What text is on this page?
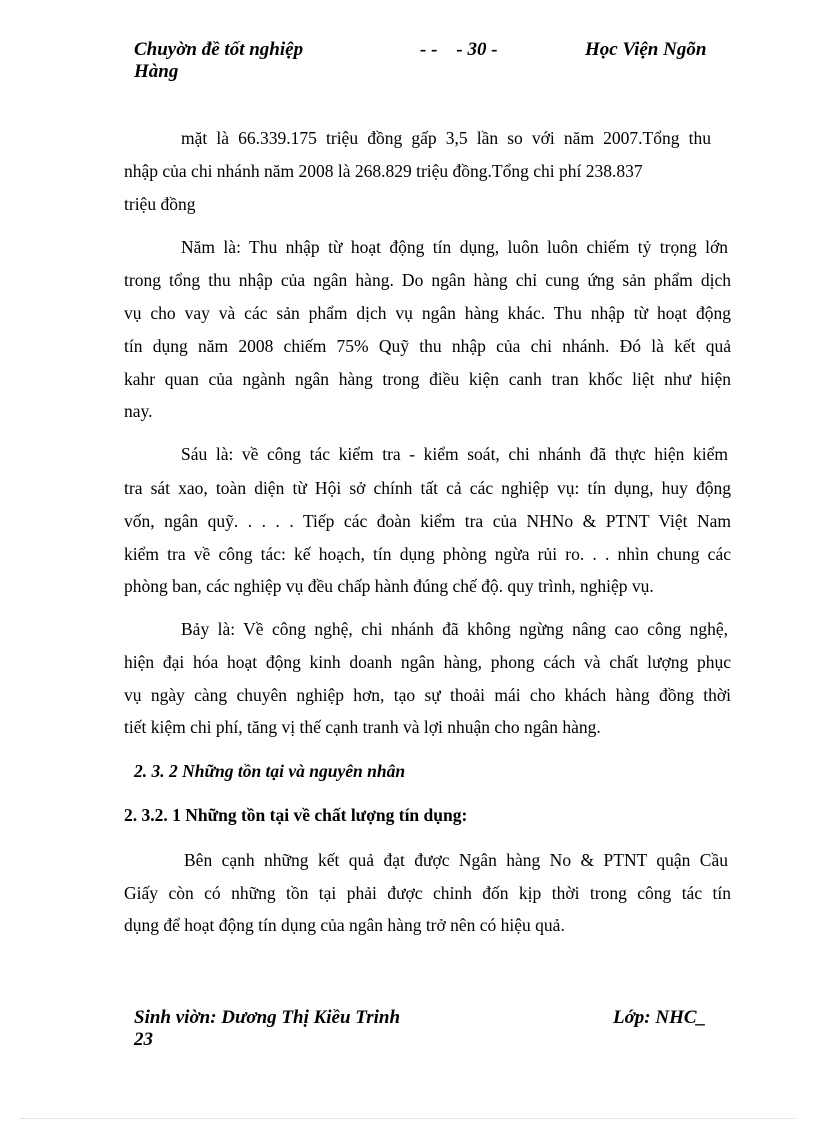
Chuyờn đề tốt nghiệp
Hàng
- -    - 30 -	Học Viện Ngõn
mặt là 66.339.175 triệu đồng gấp 3,5 lần so với năm 2007.Tổng thu
nhập của chi nhánh năm 2008 là 268.829 triệu đồng.Tổng chi phí 238.837
triệu đồng
Năm là: Thu nhập từ hoạt động tín dụng, luôn luôn chiếm tỷ trọng lớn
trong tổng thu nhập của ngân hàng. Do ngân hàng chỉ cung ứng sản phẩm dịch
vụ cho vay và các sản phẩm dịch vụ ngân hàng khác. Thu nhập từ hoạt động
tín dụng năm 2008 chiếm 75% Quỹ thu nhập của chi nhánh. Đó là kết quả
kahr quan của ngành ngân hàng trong điều kiện canh tran khốc liệt như hiện
nay.
Sáu là: về công tác kiểm tra - kiểm soát, chi nhánh đã thực hiện kiểm
tra sát xao, toàn diện từ Hội sở chính tất cả các nghiệp vụ: tín dụng, huy động
vốn, ngân quỹ. . . . . Tiếp các đoàn kiểm tra của NHNo & PTNT Việt Nam
kiểm tra về công tác: kế hoạch, tín dụng phòng ngừa rủi ro. . . nhìn chung các
phòng ban, các nghiệp vụ đều chấp hành đúng chế độ. quy trình, nghiệp vụ.
Bảy là: Về công nghệ, chi nhánh đã không ngừng nâng cao công nghệ,
hiện đại hóa hoạt động kinh doanh ngân hàng, phong cách và chất lượng phục
vụ ngày càng chuyên nghiệp hơn, tạo sự thoải mái cho khách hàng đồng thời
tiết kiệm chi phí, tăng vị thế cạnh tranh và lợi nhuận cho ngân hàng.
2. 3. 2 Những tồn tại và nguyên nhân
2. 3.2. 1 Những tồn tại về chất lượng tín dụng:
Bên cạnh những kết quả đạt được Ngân hàng No & PTNT quận Cầu
Giấy còn có những tồn tại phải được chỉnh đốn kịp thời trong công tác tín
dụng để hoạt động tín dụng của ngân hàng trở nên có hiệu quả.
Sinh viờn: Dương Thị Kiều Trinh
23
Lớp: NHC_
